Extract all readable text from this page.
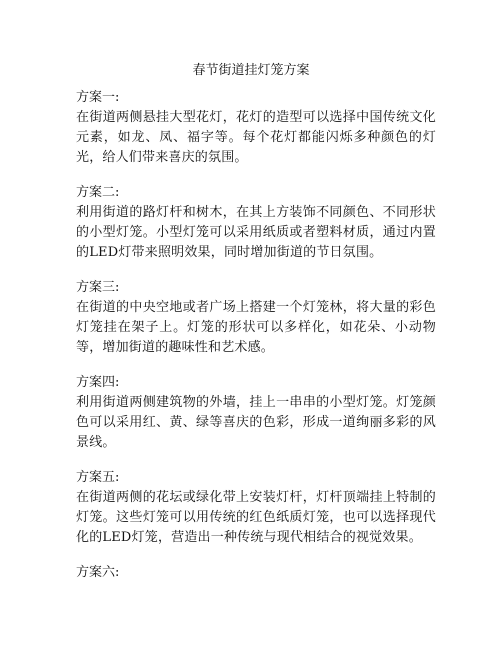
春节街道挂灯笼方案

方案一:

在街道两侧悬挂大型花灯，花灯的造型可以选择中国传统文化元素，如龙、凤、福字等。每个花灯都能闪烁多种颜色的灯光，给人们带来喜庆的氛围。

方案二:

利用街道的路灯杆和树木，在其上方装饰不同颜色、不同形状的小型灯笼。小型灯笼可以采用纸质或者塑料材质，通过内置的LED灯带来照明效果，同时增加街道的节日氛围。

方案三:

在街道的中央空地或者广场上搭建一个灯笼林，将大量的彩色灯笼挂在架子上。灯笼的形状可以多样化，如花朵、小动物等，增加街道的趣味性和艺术感。

方案四:

利用街道两侧建筑物的外墙，挂上一串串的小型灯笼。灯笼颜色可以采用红、黄、绿等喜庆的色彩，形成一道绚丽多彩的风景线。

方案五:

在街道两侧的花坛或绿化带上安装灯杆，灯杆顶端挂上特制的灯笼。这些灯笼可以用传统的红色纸质灯笼，也可以选择现代化的LED灯笼，营造出一种传统与现代相结合的视觉效果。

方案六:
